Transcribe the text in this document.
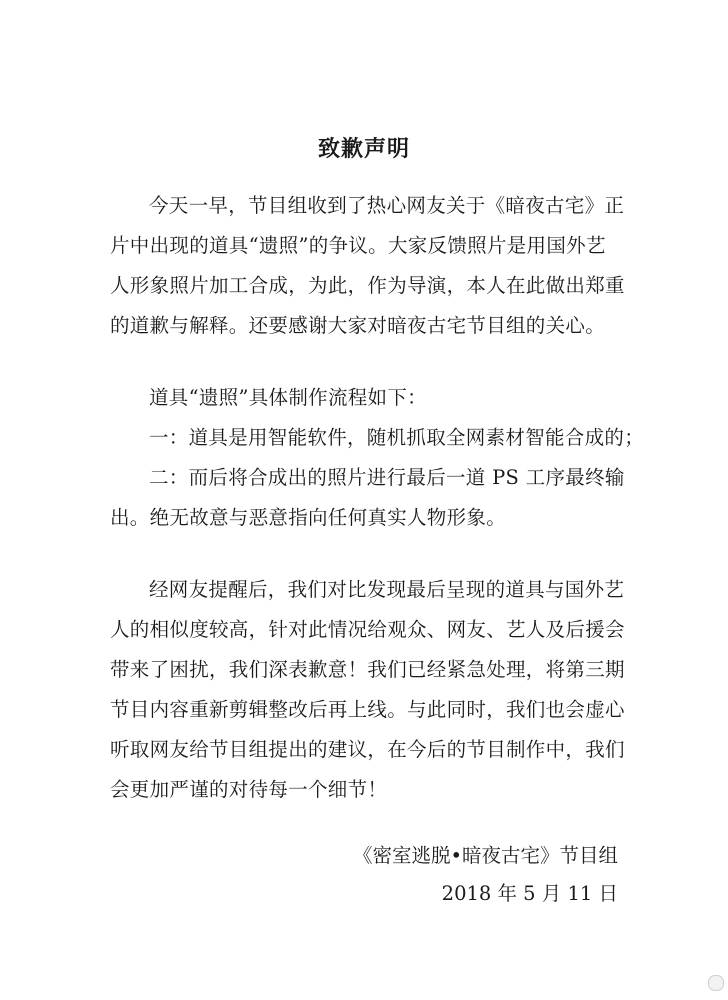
致歉声明
今天一早，节目组收到了热心网友关于《暗夜古宅》正
片中出现的道具“遗照”的争议。大家反馈照片是用国外艺
人形象照片加工合成，为此，作为导演，本人在此做出郑重
的道歉与解释。还要感谢大家对暗夜古宅节目组的关心。
道具“遗照”具体制作流程如下：
一：道具是用智能软件，随机抓取全网素材智能合成的；
二：而后将合成出的照片进行最后一道 PS 工序最终输
出。绝无故意与恶意指向任何真实人物形象。
经网友提醒后，我们对比发现最后呈现的道具与国外艺
人的相似度较高，针对此情况给观众、网友、艺人及后援会
带来了困扰，我们深表歉意！我们已经紧急处理，将第三期
节目内容重新剪辑整改后再上线。与此同时，我们也会虚心
听取网友给节目组提出的建议，在今后的节目制作中，我们
会更加严谨的对待每一个细节！
《密室逃脱•暗夜古宅》节目组
2018 年 5 月 11 日
